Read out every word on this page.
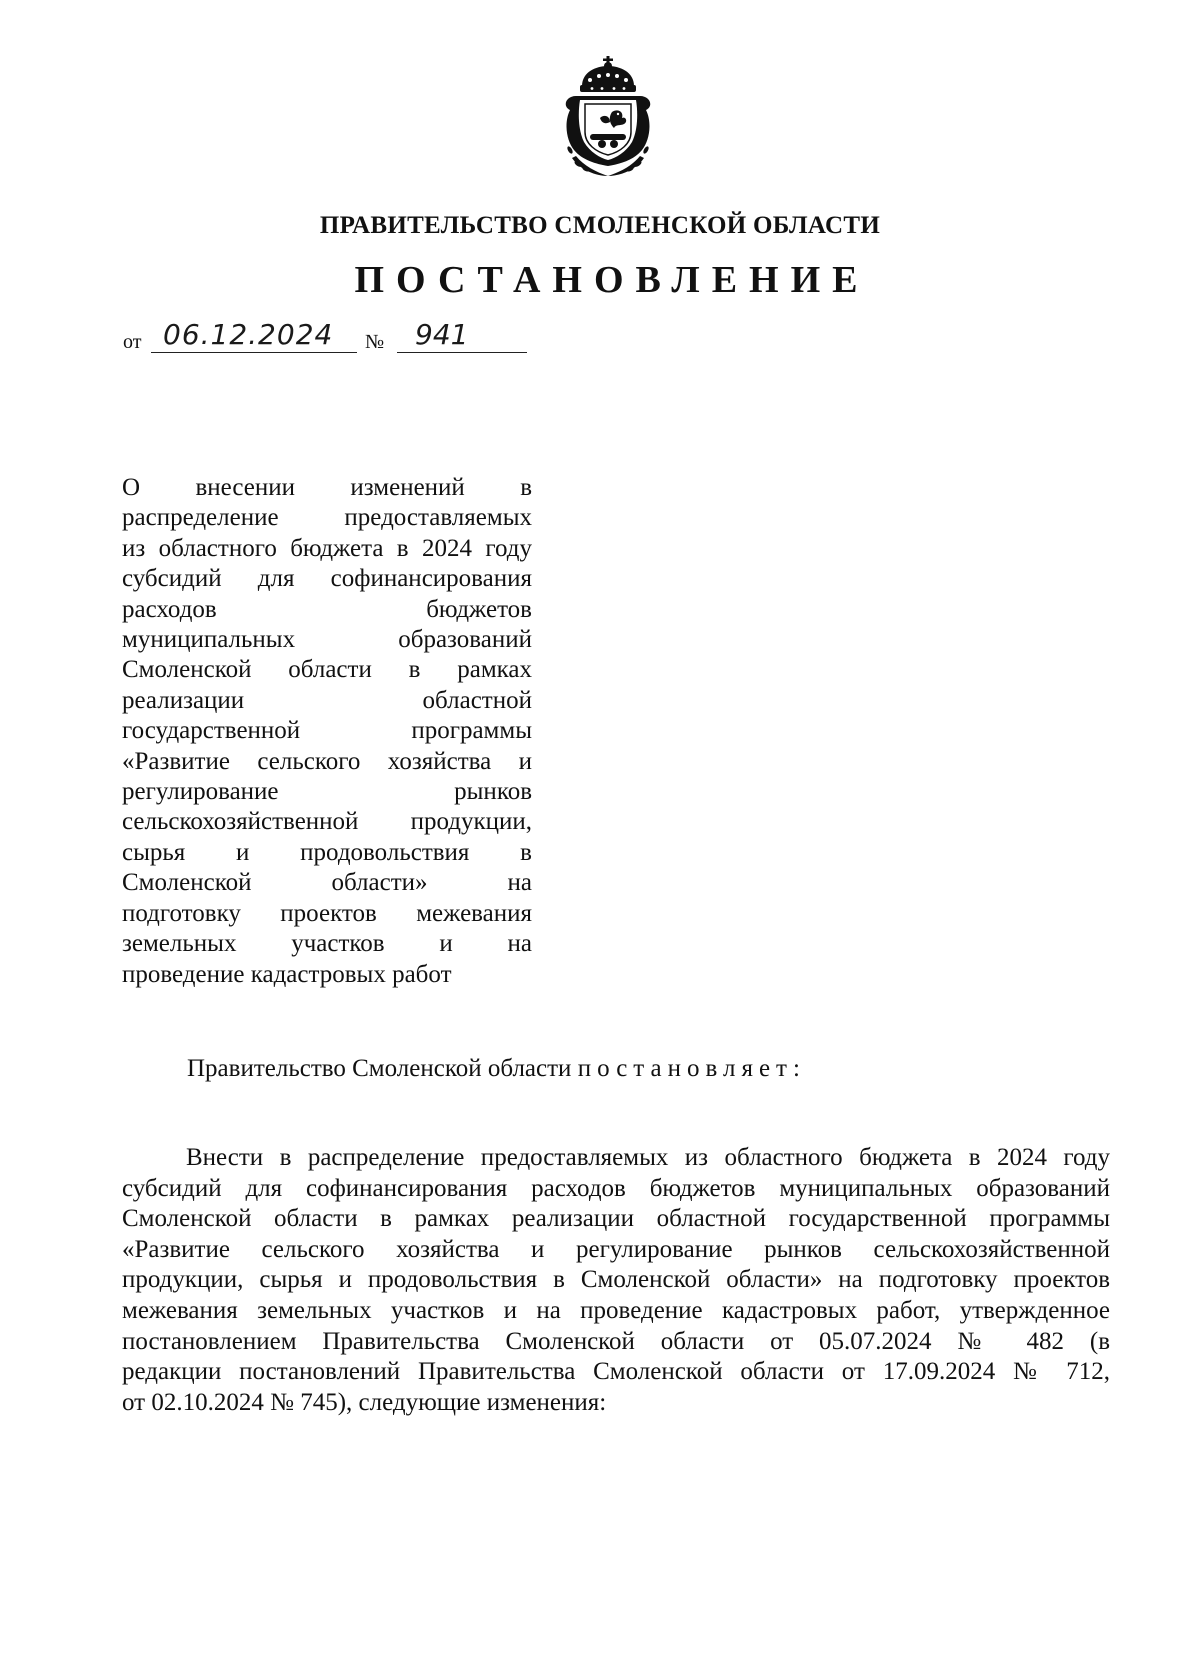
ПРАВИТЕЛЬСТВО СМОЛЕНСКОЙ ОБЛАСТИ
ПОСТАНОВЛЕНИЕ
от 06.12.2024 № 941
О внесении изменений в
распределение предоставляемых
из областного бюджета в 2024 году
субсидий для софинансирования
расходов бюджетов
муниципальных образований
Смоленской области в рамках
реализации областной
государственной программы
«Развитие сельского хозяйства и
регулирование рынков
сельскохозяйственной продукции,
сырья и продовольствия в
Смоленской области» на
подготовку проектов межевания
земельных участков и на
проведение кадастровых работ
Правительство Смоленской области постановляет:
Внести в распределение предоставляемых из областного бюджета в 2024 году
субсидий для софинансирования расходов бюджетов муниципальных образований
Смоленской области в рамках реализации областной государственной программы
«Развитие сельского хозяйства и регулирование рынков сельскохозяйственной
продукции, сырья и продовольствия в Смоленской области» на подготовку проектов
межевания земельных участков и на проведение кадастровых работ, утвержденное
постановлением Правительства Смоленской области от 05.07.2024 № 482 (в
редакции постановлений Правительства Смоленской области от 17.09.2024 № 712,
от 02.10.2024 № 745), следующие изменения:
